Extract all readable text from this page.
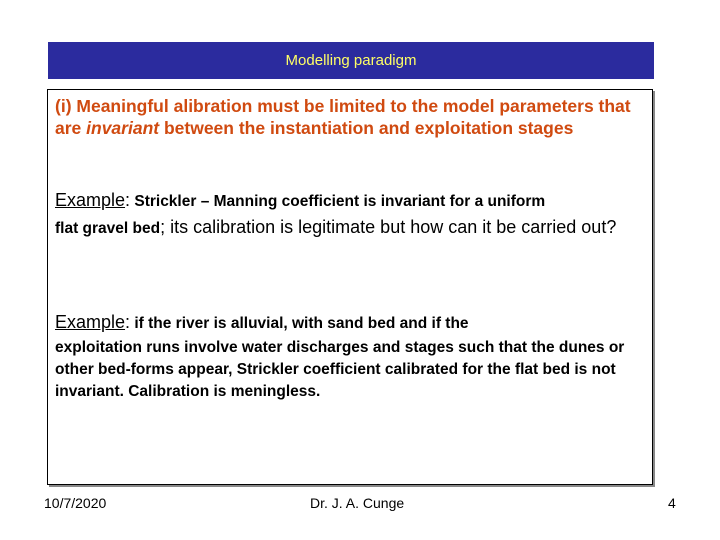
Modelling paradigm
(i) Meaningful alibration must be limited to the model parameters that are invariant between the instantiation and exploitation stages
Example: Strickler – Manning coefficient is invariant for a uniform
flat gravel bed; its calibration is legitimate but how can it be carried out?
Example: if the river is alluvial, with sand bed and if the
exploitation runs involve water discharges and stages such that the dunes or other bed-forms appear, Strickler coefficient calibrated for the flat bed is not invariant. Calibration is meningless.
10/7/2020	Dr. J. A. Cunge	4
